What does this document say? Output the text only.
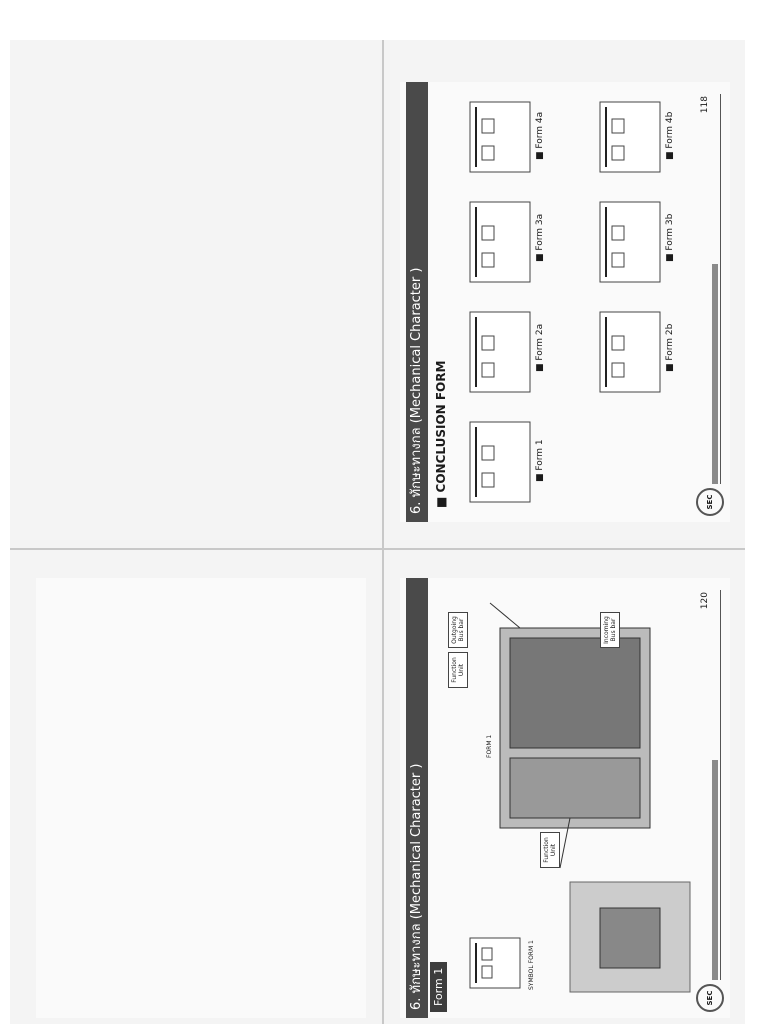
■
■
■
■
6. ทักษะทางกล (Mechanical Character ) ■ CONCLUSION FORM	■ Form 1
■ Form 2a
■ Form 2b
■ Form 3a
■ Form 3b
■ Form 4a
■ Form 4b
SEC
118
6. ทักษะทางกล (Mechanical Character ) Form 1	SYMBOL FORM 1
FORM 1
Function Unit
Outgoing Bus bar
Function Unit
Incoming Bus bar
SEC
120
